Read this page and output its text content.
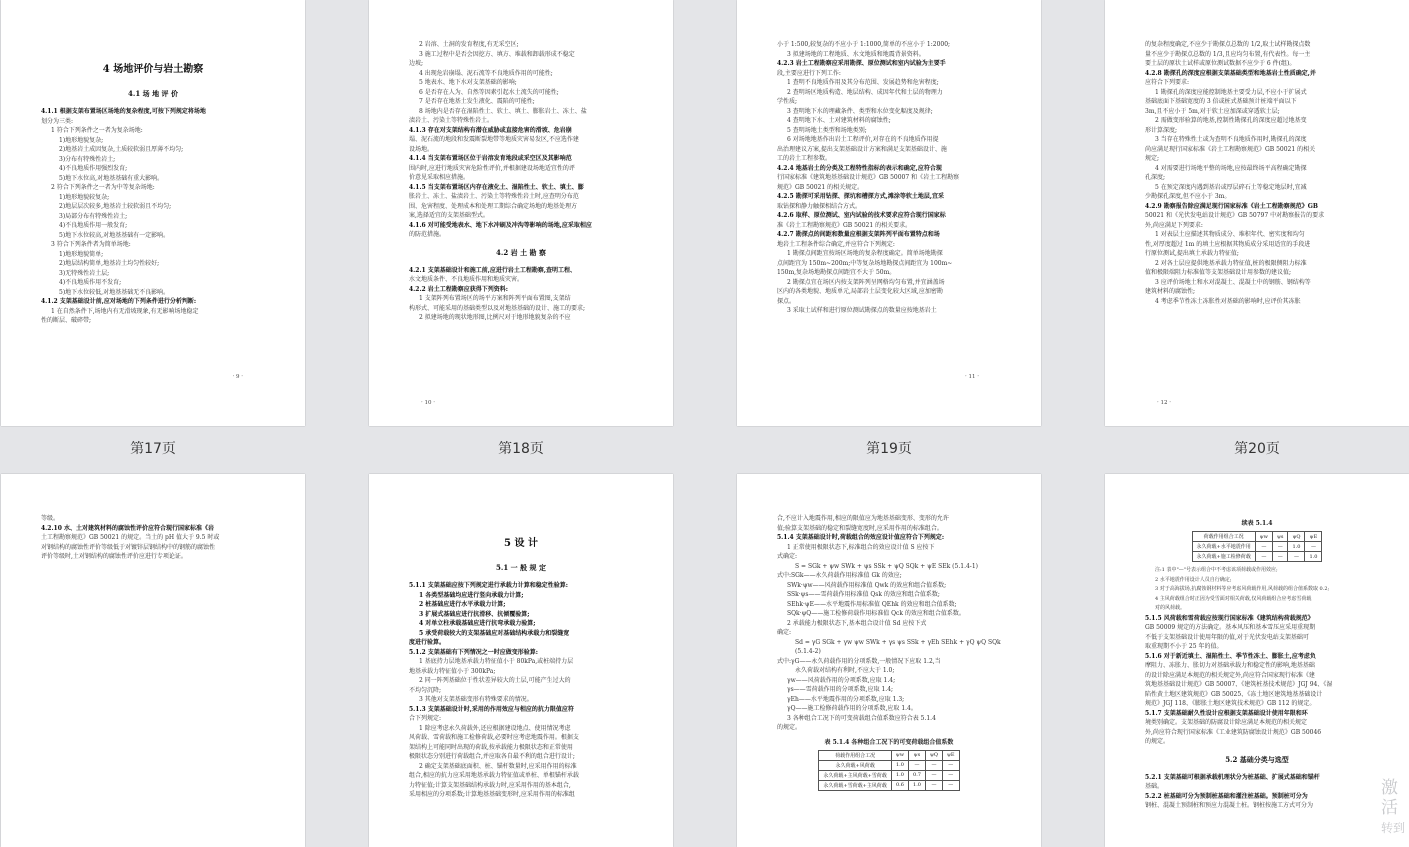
4 场地评价与岩土勘察
4.1 场 地 评 价
4.1.1 根据支架布置场区场地的复杂程度,可按下列规定将场地
划分为三类:
1 符合下列条件之一者为复杂场地:
1)地形地貌复杂;
2)地基岩土成因复杂,土质较软弱且厚薄不均匀;
3)分布有特殊性岩土;
4)不良地质作用强烈发育;
5)地下水位高,对地基基础有重大影响。
2 符合下列条件之一者为中等复杂场地:
1)地形地貌较复杂;
2)地层层次较多,地基岩土较软弱且不均匀;
3)局部分布有特殊性岩土;
4)不良地质作用一般发育;
5)地下水位较高,对地基基础有一定影响。
3 符合下列条件者为简单场地:
1)地形地貌简单;
2)地层结构简单,地基岩土均匀性较好;
3)无特殊性岩土层;
4)不良地质作用不发育;
5)地下水位较低,对地基基础无不良影响。
4.1.2 支架基础设计前,应对场地的下列条件进行分析判断:
1 在自然条件下,场地内有无滑坡现象,有无影响场地稳定
性的断层、破碎带;
· 9 ·
第17页
2 岩溶、土洞的发育程度,有无采空区;
3 施工过程中是否会因挖方、填方、堆载和卸载形成不稳定
边坡;
4 出现危岩崩塌、泥石流等不良地质作用的可能性;
5 地表水、地下水对支架基础的影响;
6 是否存在人为、自然等因素引起水土流失的可能性;
7 是否存在地基土发生液化、震陷的可能性;
8 场地内是否存在湿陷性土、软土、填土、膨胀岩土、冻土、盐
渍岩土、污染土等特殊性岩土。
4.1.3 存在对支架结构有潜在威胁或直接危害的滑坡、危岩崩
塌、泥石流的地段和发震断裂地带等地质灾害易发区,不应选作建
设场地。
4.1.4 当支架布置场区位于岩溶发育地段或采空区及其影响范
围内时,应进行地质灾害危险性评价,并根据建设场地适宜性的评
价意见采取相应措施。
4.1.5 当支架布置场区内存在液化土、湿陷性土、软土、填土、膨
胀岩土、冻土、盐渍岩土、污染土等特殊性岩土时,应查明分布范
围、危害程度、处理成本和处理工期综合确定场地的地基处理方
案,选择适宜的支架基础型式。
4.1.6 对可能受地表水、地下水冲刷及冲沟等影响的场地,应采取相应
的防范措施。
4.2 岩 土 勘 察
4.2.1 支架基础设计和施工前,应进行岩土工程勘察,查明工程、
水文地质条件、不良地质作用和地质灾害。
4.2.2 岩土工程勘察应获得下列资料:
1 支架阵列布置场区的场平方案和阵列平面布置图,支架结
构形式、可能采用的基础类型以及对地基基础的设计、施工的要求;
2 拟建场地的现状地形图,比例尺对于地形地貌复杂的不应
· 10 ·
第18页
小于 1:500,较复杂的不应小于 1:1000,简单的不应小于 1:2000;
3 拟建场地的工程地质、水文地质和地震背景资料。
4.2.3 岩土工程勘察应采用勘探、原位测试和室内试验为主要手
段,主要应进行下列工作:
1 查明不良地质作用及其分布范围、发展趋势和危害程度;
2 查明场区地质构造、地层结构、成因年代和土层的物理力
学性质;
3 查明地下水的埋藏条件、类型和水位变化幅度及规律;
4 查明地下水、土对建筑材料的腐蚀性;
5 查明场地土类型和场地类别;
6 对场地地基作出岩土工程评价,对存在的不良地质作用提
出治理建议方案,提出支架基础设计方案和满足支架基础设计、施
工的岩土工程参数。
4.2.4 地基岩土的分类及工程特性指标的表示和确定,应符合现
行国家标准《建筑地基基础设计规范》GB 50007 和《岩土工程勘察
规范》GB 50021 的相关规定。
4.2.5 勘探可采用钻探、探坑和槽探方式,滩涂等软土地层,宜采
取钻探和静力触探相结合方式。
4.2.6 取样、原位测试、室内试验的技术要求应符合现行国家标
准《岩土工程勘察规范》GB 50021 的相关要求。
4.2.7 勘探点的间距和数量应根据支架阵列平面布置特点和场
地岩土工程条件综合确定,并应符合下列规定:
1 勘探点间距宜按场区场地的复杂程度确定。简单场地勘探
点间距宜为 150m~200m;中等复杂场地勘探点间距宜为 100m~
150m,复杂场地勘探点间距宜不大于 50m。
2 勘探点宜在场区内按支架阵列呈网格均匀布置,并宜涵盖场
区内的各类地貌、地质单元,局部岩土层变化较大区域,应加密勘
探点。
3 采取土试样和进行原位测试勘探点的数量应按地基岩土
· 11 ·
第19页
的复杂程度确定,不应少于勘探点总数的 1/2,取土试样勘探点数
量不应少于勘探点总数的 1/3,且应均匀布置,有代表性。每一主
要土层的原状土试样或原位测试数据不应少于 6 件(组)。
4.2.8 勘探孔的深度应根据支架基础类型和地基岩土性质确定,并
应符合下列要求:
1 勘探孔的深度应能控制地基主要受力层,不应小于扩展式
基础底面下基础宽度的 3 倍或桩式基础预计桩端平面以下
3m,且不应小于 5m,对于软土应加深或穿透软土层;
2 需做变形验算的地基,控制性勘探孔的深度应超过地基变
形计算深度;
3 当存在特殊性土或为查明不良地质作用时,勘探孔的深度
尚应满足现行国家标准《岩土工程勘察规范》GB 50021 的相关
规定;
4 对需要进行场地平整的场地,应按最终场平高程确定勘探
孔深度;
5 在预定深度内遇到基岩或厚层碎石土等稳定地层时,宜减
少勘探孔深度,但不应小于 3m。
4.2.9 勘察报告除应满足现行国家标准《岩土工程勘察规范》GB
50021 和《光伏发电站设计规范》GB 50797 中对勘察报告的要求
外,尚应满足下列要求:
1 对表层土应描述其物质成分、堆积年代、密实度和均匀
性,对厚度超过 1m 的填土应根据其物质成分采用适宜的手段进
行原位测试,提出填土承载力特征值;
2 对各土层应提供地基承载力特征值,桩的极限侧阻力标准
值和极限端阻力标准值等支架基础设计用参数的建议值;
3 应评价场地土和水对混凝土、混凝土中的钢筋、钢结构等
建筑材料的腐蚀性;
4 考虑季节性冻土冻胀性对基础的影响时,应评价其冻胀
· 12 ·
第20页
等级。
4.2.10 水、土对建筑材料的腐蚀性评价应符合现行国家标准《岩
土工程勘察规范》GB 50021 的规定。当土的 pH 值大于 9.5 时或
对钢结构的腐蚀性评价等级低于对镀锌层钢结构中的钢筋的腐蚀性
评价等级时,土对钢结构的腐蚀性评价应进行专项论证。
5 设 计
5.1 一 般 规 定
5.1.1 支架基础应按下列规定进行承载力计算和稳定性验算:
1 各类型基础均应进行竖向承载力计算;
2 桩基础应进行水平承载力计算;
3 扩展式基础应进行抗滑移、抗倾覆验算;
4 对单立柱承载基础应进行抗弯承载力验算;
5 承受荷载较大的支架基础应对基础结构承载力和裂缝宽
度进行验算。
5.1.2 支架基础有下列情况之一时应做变形验算:
1 基底持力层地基承载力特征值小于 80kPa,或桩端持力层
地基承载力特征值小于 300kPa;
2 同一阵列基础位于性状差异较大的土层,可能产生过大的
不均匀沉降;
3 其他对支架基础变形有特殊要求的情况。
5.1.3 支架基础设计时,采用的作用效应与相应的抗力限值应符
合下列规定:
1 除应考虑永久荷载外,还应根据建设地点、使用情况考虑
风荷载、雪荷载和施工检修荷载,必要时应考虑地震作用。根据支
架结构上可能同时出现的荷载,按承载能力极限状态和正常使用
极限状态分别进行荷载组合,并应取各自最不利的组合进行设计;
2 确定支架基础底面积、桩、锚杆数量时,应采用作用的标准
组合,相应的抗力应采用地基承载力特征值或单桩、单根锚杆承载
力特征值;计算支架基础结构承载力时,应采用作用的基本组合,
采用相应的分项系数;计算地基基础变形时,应采用作用的标准组
合,不应计入地震作用,相应的限值应为地基基础变形、变形的允许
值;验算支架基础的稳定和裂缝宽度时,应采用作用的标准组合。
5.1.4 支架基础设计时,荷载组合的效应设计值应符合下列规定:
1 正常使用极限状态下,标准组合的效应设计值 S 应按下
式确定:
S = SGk + ψw SWk + ψs SSk + ψQ SQk + ψE SEk (5.1.4-1)
式中:SGk——永久荷载作用标准值 Gk 的效应;
SWk·ψw——风荷载作用标准值 Qwk 的效应和组合值系数;
SSk·ψs——雪荷载作用标准值 Qsk 的效应和组合值系数;
SEhk·ψE——水平地震作用标准值 QEhk 的效应和组合值系数;
SQk·ψQ——施工检修荷载作用标准值 Qck 的效应和组合值系数。
2 承载能力极限状态下,基本组合设计值 Sd 应按下式
确定:
Sd = γG SGk + γw ψw SWk + γs ψs SSk + γEh SEhk + γQ ψQ SQk
(5.1.4-2)
式中:γG——永久荷载作用的分项系数,一般情况下应取 1.2,当
永久荷载对结构有利时,不应大于 1.0;
γw——风荷载作用的分项系数,应取 1.4;
γs——雪荷载作用的分项系数,应取 1.4;
γEh——水平地震作用的分项系数,应取 1.3;
γQ——施工检修荷载作用的分项系数,应取 1.4。
3 各种组合工况下的可变荷载组合值系数应符合表 5.1.4
的规定。
表 5.1.4 各种组合工况下的可变荷载组合值系数
荷载作用组合工况	ψw	ψs	ψQ	ψE
永久荷载+风荷载	1.0	—	—	—
永久荷载+主风荷载+雪荷载	1.0	0.7	—	—
永久荷载+雪荷载+主风荷载	0.6	1.0	—	—
续表 5.1.4
荷载作用组合工况	ψw	ψs	ψQ	ψE
永久荷载+水平地震作用	—	—	1.0	—
永久荷载+施工检修荷载	—	—	—	1.0
注:1 表中"—"号表示组合中不考虑该项荷载或作用效应;
2 水平地震作用设计人员自行确定;
3 对于高海拔场,抗腐蚀钢材料等应考虑风荷载作用,风荷载的组合值系数取 0.2;
4 主风荷载组合时正因为受雪面对相关荷载,仅风荷载组合应考虑雪荷载
对的风荷载。
5.1.5 风荷载和雪荷载应按现行国家标准《建筑结构荷载规范》
GB 50009 规定的方法确定。基本风压和基本雪压应采用重现期
不低于支架基础设计使用年限的值,对于光伏发电站支架基础可
取重现期不小于 25 年的值。
5.1.6 对于新近填土、湿陷性土、季节性冻土、膨胀土,应考虑负
摩阻力、冻胀力、胀切力对基础承载力和稳定性的影响,地基基础
的设计除应满足本规范的相关规定外,尚应符合国家现行标准《建
筑地基基础设计规范》GB 50007、《建筑桩基技术规范》JGJ 94、《湿
陷性黄土地区建筑规范》GB 50025、《冻土地区建筑地基基础设计
规范》JGJ 118、《膨胀土地区建筑技术规范》GB 112 的规定。
5.1.7 支架基础耐久性设计应根据支架基础设计使用年限和环
境类别确定。支架基础的防腐设计除应满足本规范的相关规定
外,尚应符合现行国家标准《工业建筑防腐蚀设计规范》GB 50046
的规定。
5.2 基础分类与选型
5.2.1 支架基础可根据承载机理状分为桩基础、扩展式基础和锚杆
基础。
5.2.2 桩基础可分为预制桩基础和灌注桩基础。预制桩可分为
钢桩、混凝土预制桩和预应力混凝土桩。钢桩按施工方式可分为
激活
转到
